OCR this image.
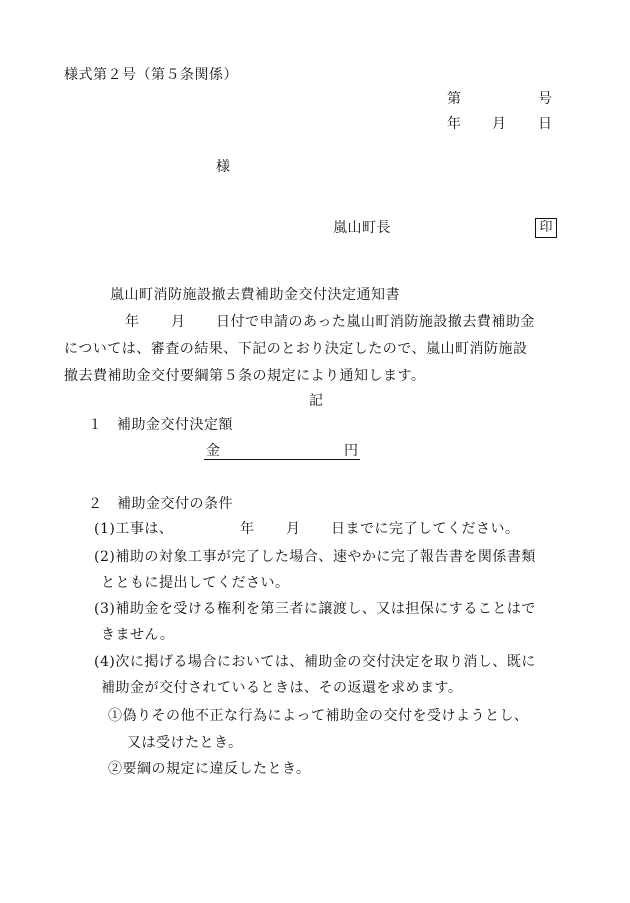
様式第２号（第５条関係）
第	号
年 月 日
様
嵐山町長	印
嵐山町消防施設撤去費補助金交付決定通知書
年 月 日付で申請のあった嵐山町消防施設撤去費補助金
については、審査の結果、下記のとおり決定したので、嵐山町消防施設
撤去費補助金交付要綱第５条の規定により通知します。
記
１　補助金交付決定額
金	円
２　補助金交付の条件
(1)工事は、	年 月 日までに完了してください。
(2)補助の対象工事が完了した場合、速やかに完了報告書を関係書類
とともに提出してください。
(3)補助金を受ける権利を第三者に譲渡し、又は担保にすることはで
きません。
(4)次に掲げる場合においては、補助金の交付決定を取り消し、既に
補助金が交付されているときは、その返還を求めます。
①偽りその他不正な行為によって補助金の交付を受けようとし、
又は受けたとき。
②要綱の規定に違反したとき。
